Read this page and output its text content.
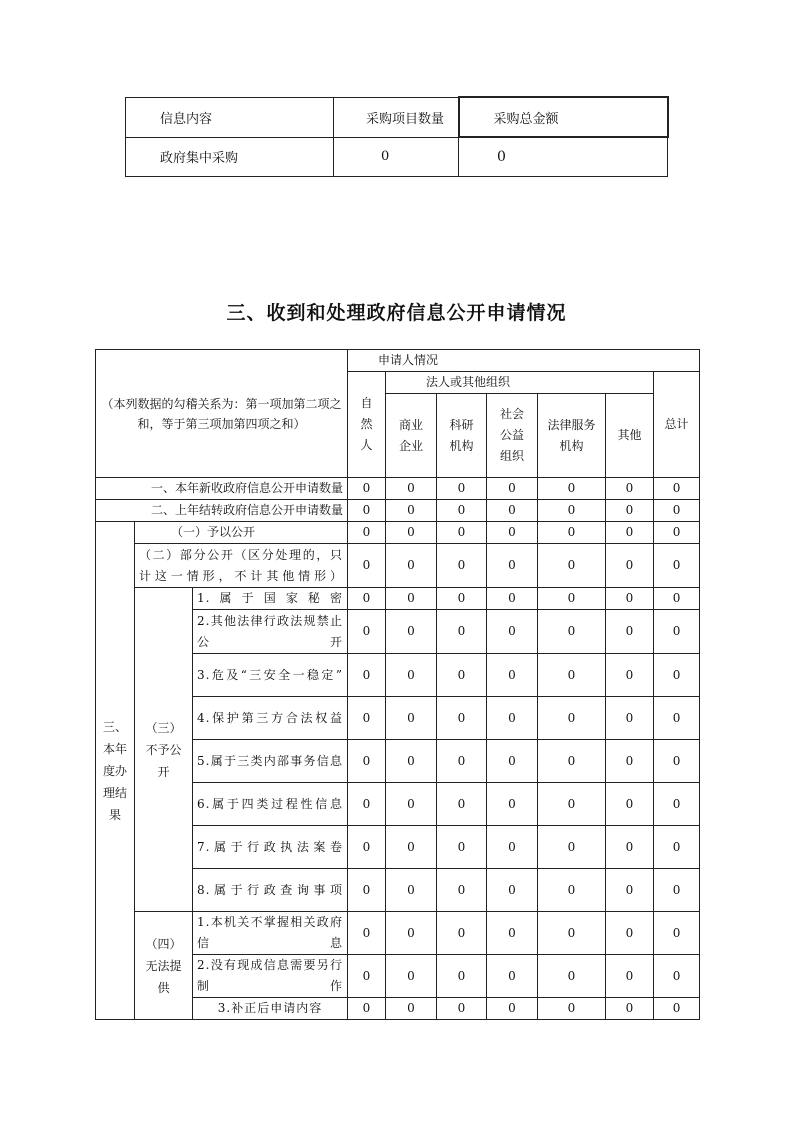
信息内容	采购项目数量	采购总金额
政府集中采购	0	0
三、收到和处理政府信息公开申请情况
（本列数据的勾稽关系为：第一项加第二项之和，等于第三项加第四项之和）			申请人情况						
			自然人	法人或其他组织					总计
				商业企业	科研机构	社会公益组织	法律服务机构	其他	
一、本年新收政府信息公开申请数量			0	0	0	0	0	0	0
二、上年结转政府信息公开申请数量			0	0	0	0	0	0	0
三、本年度办理结果	（一）予以公开		0	0	0	0	0	0	0
	（二）部分公开（区分处理的，只计这一情形，不计其他情形）		0	0	0	0	0	0	0
	（三）不予公开	1.属于国家秘密	0	0	0	0	0	0	0
		2.其他法律行政法规禁止公开	0	0	0	0	0	0	0
		3.危及“三安全一稳定”	0	0	0	0	0	0	0
		4.保护第三方合法权益	0	0	0	0	0	0	0
		5.属于三类内部事务信息	0	0	0	0	0	0	0
		6.属于四类过程性信息	0	0	0	0	0	0	0
		7.属于行政执法案卷	0	0	0	0	0	0	0
		8.属于行政查询事项	0	0	0	0	0	0	0
	（四）无法提供	1.本机关不掌握相关政府信息	0	0	0	0	0	0	0
		2.没有现成信息需要另行制作	0	0	0	0	0	0	0
		3.补正后申请内容	0	0	0	0	0	0	0
